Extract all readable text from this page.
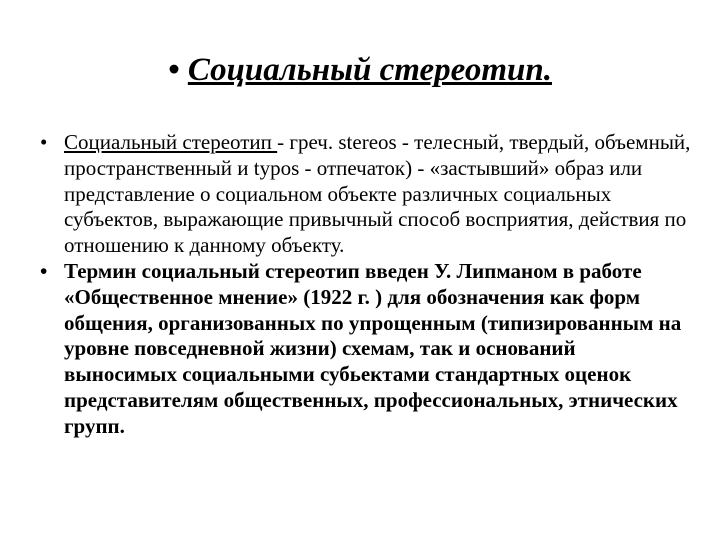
• Социальный стереотип.
• Социальный стереотип - греч. stereos - телесный, твердый, объемный, пространственный и typos - отпечаток) - «застывший» образ или представление о социальном объекте различных социальных субъектов, выражающие привычный способ восприятия, действия по отношению к данному объекту.
• Термин социальный стереотип введен У. Липманом в работе «Общественное мнение» (1922 г. ) для обозначения как форм общения, организованных по упрощенным (типизированным на уровне повседневной жизни) схемам, так и оснований выносимых социальными субьектами стандартных оценок представителям общественных, профессиональных, этнических групп.
